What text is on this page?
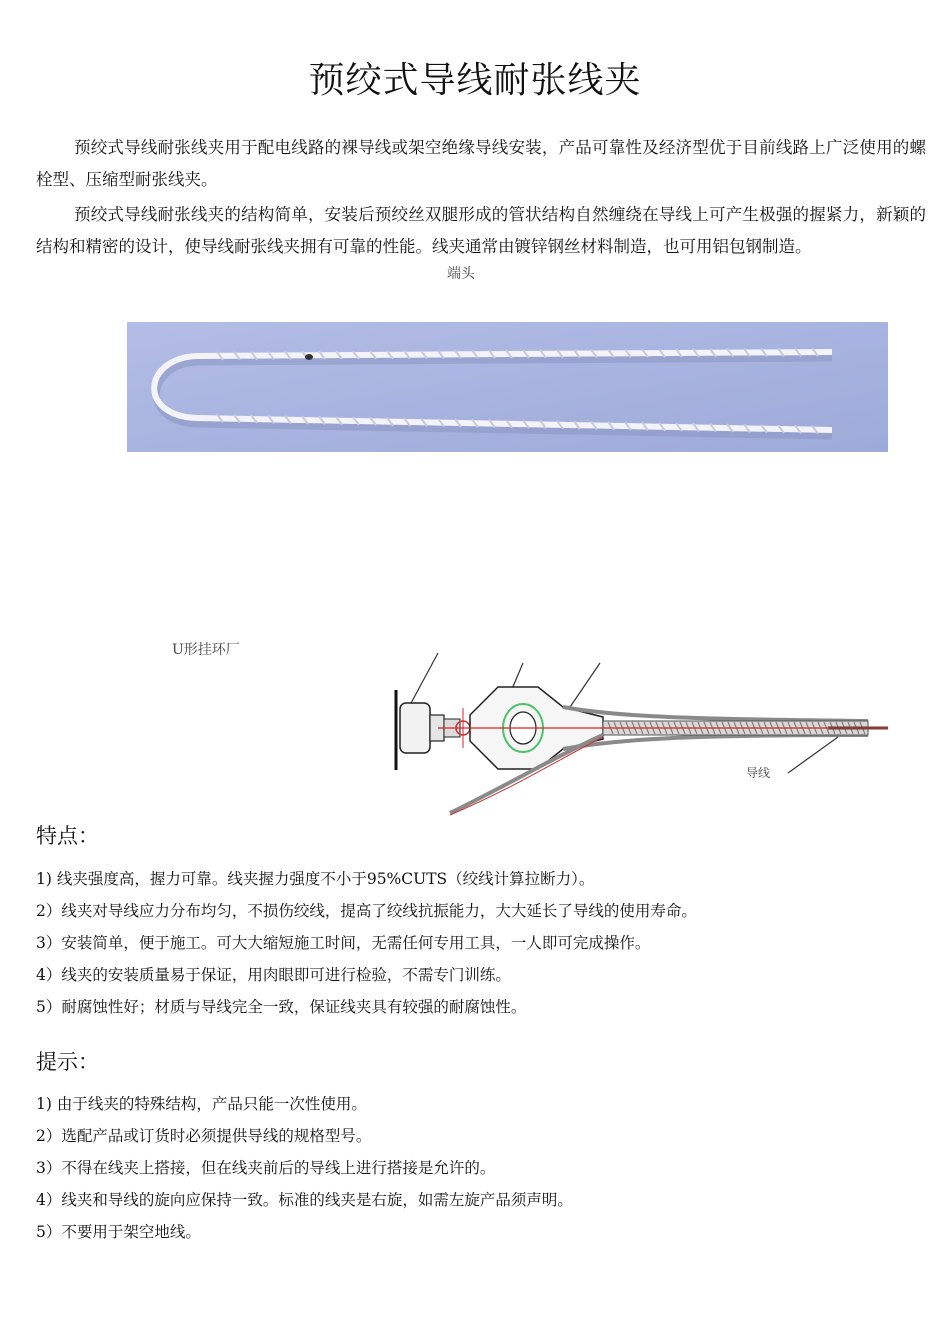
预绞式导线耐张线夹

预绞式导线耐张线夹用于配电线路的裸导线或架空绝缘导线安装，产品可靠性及经济型优于目前线路上广泛使用的螺栓型、压缩型耐张线夹。

预绞式导线耐张线夹的结构简单，安装后预绞丝双腿形成的管状结构自然缠绕在导线上可产生极强的握紧力，新颖的结构和精密的设计，使导线耐张线夹拥有可靠的性能。线夹通常由镀锌钢丝材料制造，也可用铝包钢制造。

端头
U形挂环厂
导线
特点：
1) 线夹强度高，握力可靠。线夹握力强度不小于95%CUTS（绞线计算拉断力）。
2）线夹对导线应力分布均匀，不损伤绞线，提高了绞线抗振能力，大大延长了导线的使用寿命。
3）安装简单，便于施工。可大大缩短施工时间，无需任何专用工具，一人即可完成操作。
4）线夹的安装质量易于保证，用肉眼即可进行检验，不需专门训练。
5）耐腐蚀性好；材质与导线完全一致，保证线夹具有较强的耐腐蚀性。
提示：
1) 由于线夹的特殊结构，产品只能一次性使用。
2）选配产品或订货时必须提供导线的规格型号。
3）不得在线夹上搭接，但在线夹前后的导线上进行搭接是允许的。
4）线夹和导线的旋向应保持一致。标准的线夹是右旋，如需左旋产品须声明。
5）不要用于架空地线。
